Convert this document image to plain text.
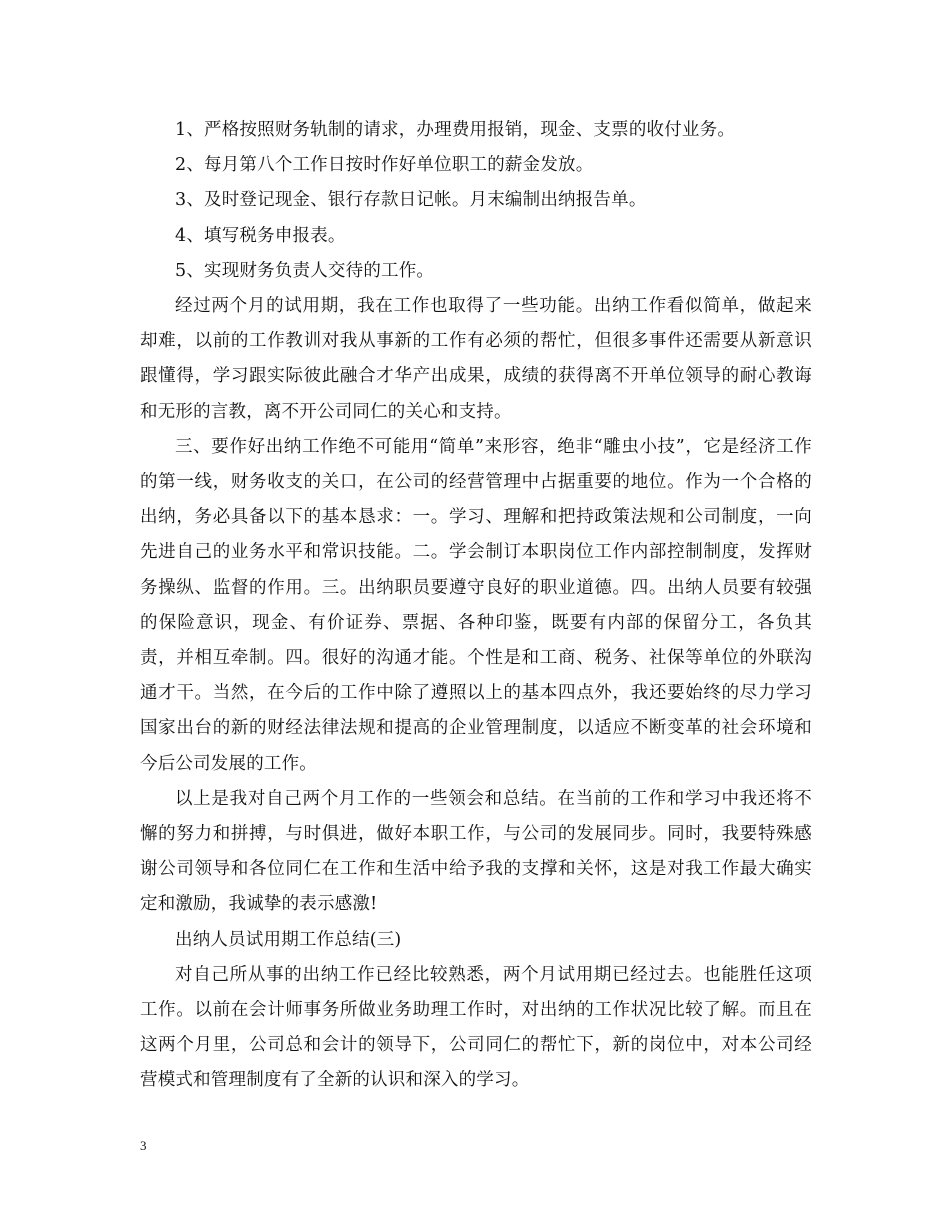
1、严格按照财务轨制的请求，办理费用报销，现金、支票的收付业务。

2、每月第八个工作日按时作好单位职工的薪金发放。

3、及时登记现金、银行存款日记帐。月末编制出纳报告单。

4、填写税务申报表。

5、实现财务负责人交待的工作。

经过两个月的试用期，我在工作也取得了一些功能。出纳工作看似简单，做起来却难，以前的工作教训对我从事新的工作有必须的帮忙，但很多事件还需要从新意识跟懂得，学习跟实际彼此融合才华产出成果，成绩的获得离不开单位领导的耐心教诲和无形的言教，离不开公司同仁的关心和支持。

三、要作好出纳工作绝不可能用“简单”来形容，绝非“雕虫小技”，它是经济工作的第一线，财务收支的关口，在公司的经营管理中占据重要的地位。作为一个合格的出纳，务必具备以下的基本恳求：一。学习、理解和把持政策法规和公司制度，一向先进自己的业务水平和常识技能。二。学会制订本职岗位工作内部控制制度，发挥财务操纵、监督的作用。三。出纳职员要遵守良好的职业道德。四。出纳人员要有较强的保险意识，现金、有价证券、票据、各种印鉴，既要有内部的保留分工，各负其责，并相互牵制。四。很好的沟通才能。个性是和工商、税务、社保等单位的外联沟通才干。当然，在今后的工作中除了遵照以上的基本四点外，我还要始终的尽力学习国家出台的新的财经法律法规和提高的企业管理制度，以适应不断变革的社会环境和今后公司发展的工作。

以上是我对自己两个月工作的一些领会和总结。在当前的工作和学习中我还将不懈的努力和拼搏，与时俱进，做好本职工作，与公司的发展同步。同时，我要特殊感谢公司领导和各位同仁在工作和生活中给予我的支撑和关怀，这是对我工作最大确实定和激励，我诚挚的表示感激!

出纳人员试用期工作总结(三)

对自己所从事的出纳工作已经比较熟悉，两个月试用期已经过去。也能胜任这项工作。以前在会计师事务所做业务助理工作时，对出纳的工作状况比较了解。而且在这两个月里，公司总和会计的领导下，公司同仁的帮忙下，新的岗位中，对本公司经营模式和管理制度有了全新的认识和深入的学习。

3
